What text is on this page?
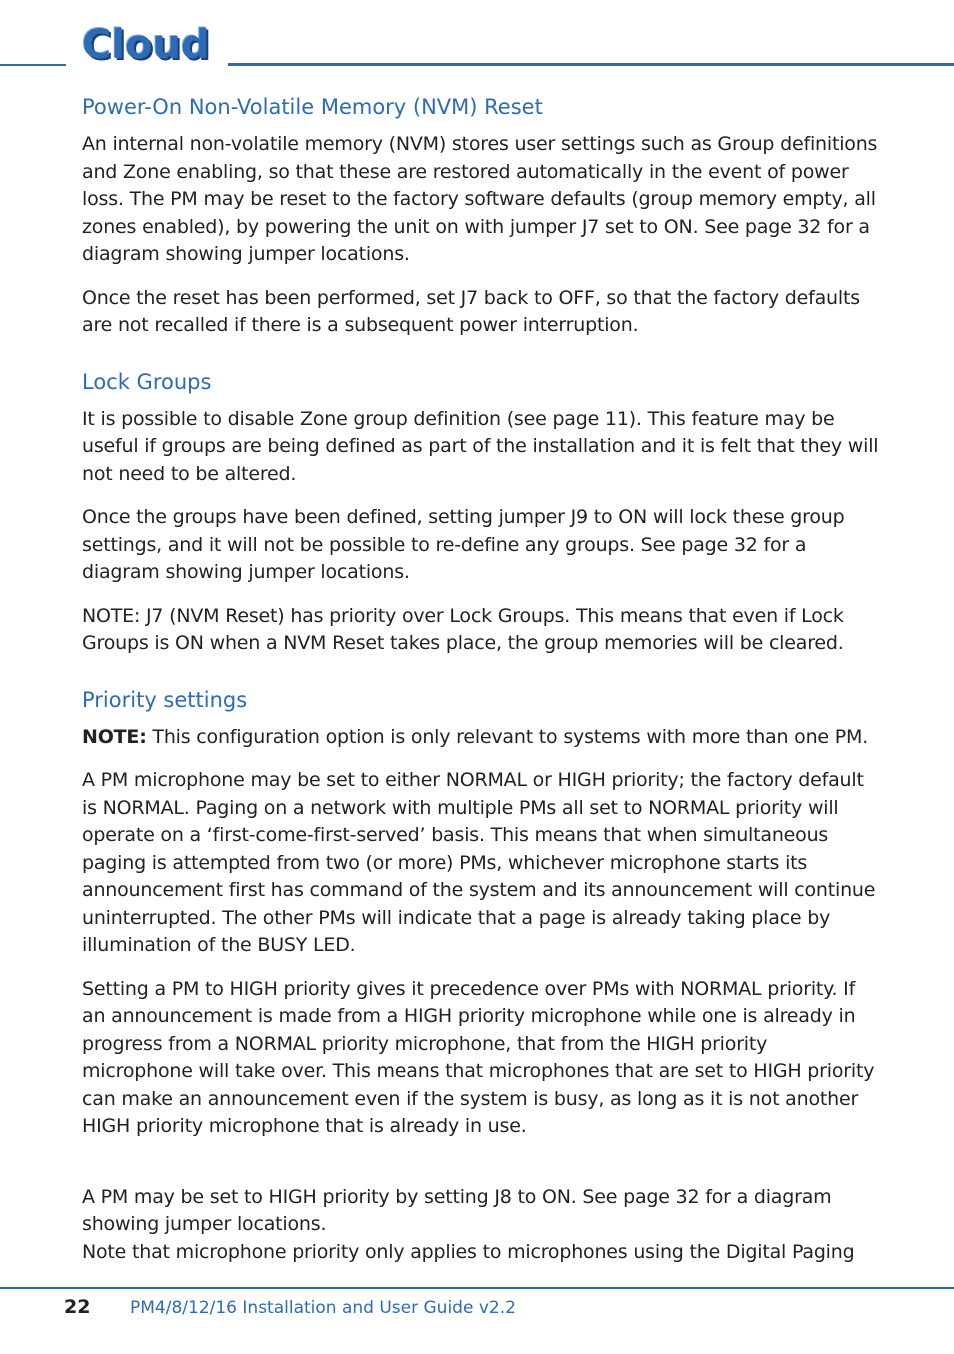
Cloud
Power-On Non-Volatile Memory (NVM) Reset

An internal non-volatile memory (NVM) stores user settings such as Group definitions and Zone enabling, so that these are restored automatically in the event of power loss. The PM may be reset to the factory software defaults (group memory empty, all zones enabled), by powering the unit on with jumper J7 set to ON. See page 32 for a diagram showing jumper locations.

Once the reset has been performed, set J7 back to OFF, so that the factory defaults are not recalled if there is a subsequent power interruption.

Lock Groups

It is possible to disable Zone group definition (see page 11). This feature may be useful if groups are being defined as part of the installation and it is felt that they will not need to be altered.

Once the groups have been defined, setting jumper J9 to ON will lock these group settings, and it will not be possible to re-define any groups. See page 32 for a diagram showing jumper locations.

NOTE: J7 (NVM Reset) has priority over Lock Groups. This means that even if Lock Groups is ON when a NVM Reset takes place, the group memories will be cleared.

Priority settings

NOTE: This configuration option is only relevant to systems with more than one PM.

A PM microphone may be set to either NORMAL or HIGH priority; the factory default is NORMAL. Paging on a network with multiple PMs all set to NORMAL priority will operate on a ‘first-come-first-served’ basis. This means that when simultaneous paging is attempted from two (or more) PMs, whichever microphone starts its announcement first has command of the system and its announcement will continue uninterrupted. The other PMs will indicate that a page is already taking place by illumination of the BUSY LED.

Setting a PM to HIGH priority gives it precedence over PMs with NORMAL priority. If an announcement is made from a HIGH priority microphone while one is already in progress from a NORMAL priority microphone, that from the HIGH priority microphone will take over. This means that microphones that are set to HIGH priority can make an announcement even if the system is busy, as long as it is not another HIGH priority microphone that is already in use.

A PM may be set to HIGH priority by setting J8 to ON. See page 32 for a diagram showing jumper locations.

Note that microphone priority only applies to microphones using the Digital Paging

22 PM4/8/12/16 Installation and User Guide v2.2
